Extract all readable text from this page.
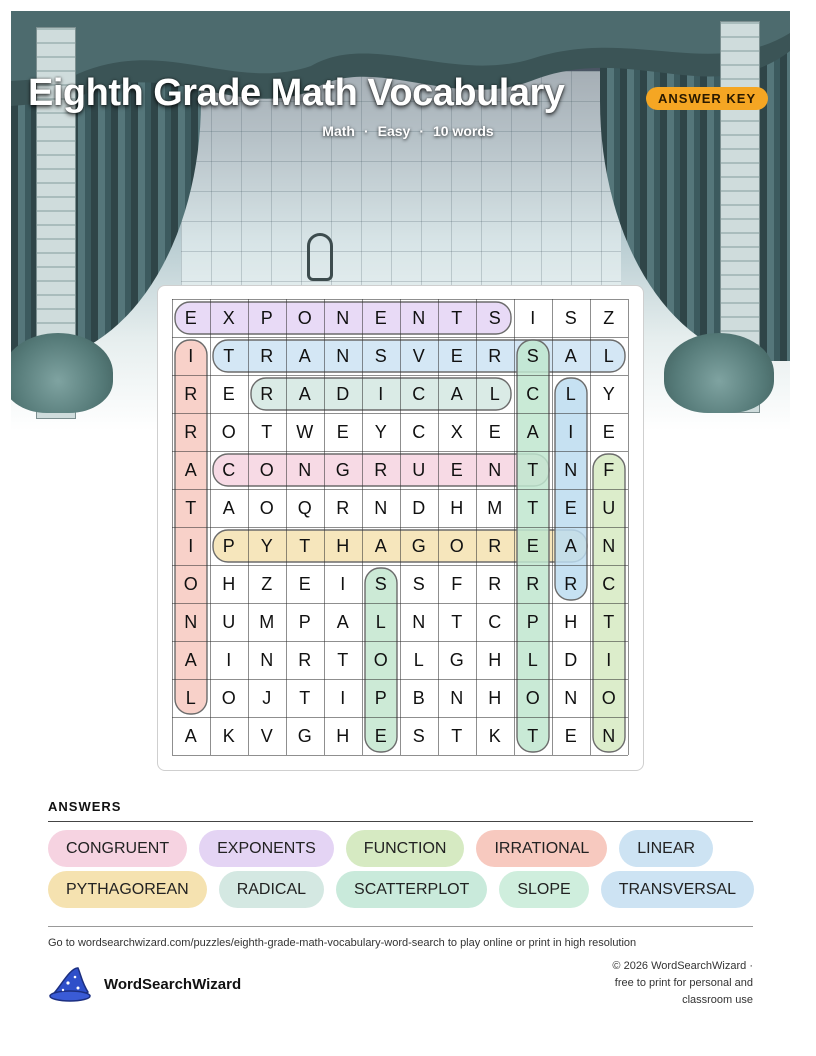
Eighth Grade Math Vocabulary	ANSWER KEY
Math · Easy · 10 words
E	X	P	O	N	E	N	T	S	I	S	Z
I	T	R	A	N	S	V	E	R	S	A	L
R	E	R	A	D	I	C	A	L	C	L	Y
R	O	T	W	E	Y	C	X	E	A	I	E
A	C	O	N	G	R	U	E	N	T	N	F
T	A	O	Q	R	N	D	H	M	T	E	U
I	P	Y	T	H	A	G	O	R	E	A	N
O	H	Z	E	I	S	S	F	R	R	R	C
N	U	M	P	A	L	N	T	C	P	H	T
A	I	N	R	T	O	L	G	H	L	D	I
L	O	J	T	I	P	B	N	H	O	N	O
A	K	V	G	H	E	S	T	K	T	E	N
ANSWERS
CONGRUENT	EXPONENTS	FUNCTION	IRRATIONAL	LINEAR
PYTHAGOREAN	RADICAL	SCATTERPLOT	SLOPE	TRANSVERSAL
Go to wordsearchwizard.com/puzzles/eighth-grade-math-vocabulary-word-search to play online or print in high resolution
WordSearchWizard
© 2026 WordSearchWizard ·
free to print for personal and
classroom use
